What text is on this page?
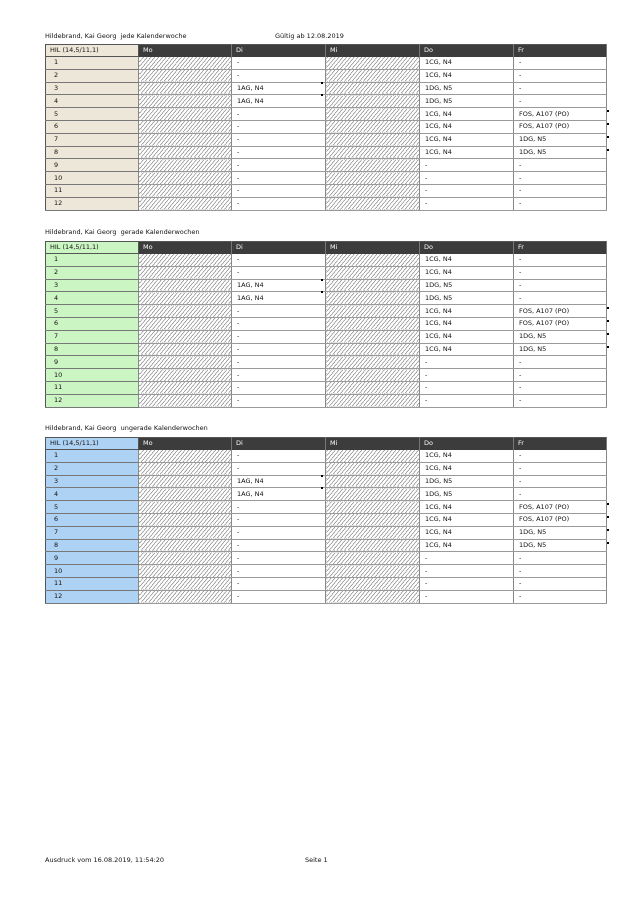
Hildebrand, Kai Georg  jede Kalenderwoche	Gültig ab 12.08.2019
HIL (14,5/11,1)	Mo	Di	Mi	Do	Fr
1		-		1CG, N4	-
2		-		1CG, N4	-
3		1AG, N4		1DG, N5	-
4		1AG, N4		1DG, N5	-
5		-		1CG, N4	FOS, A107 (PO)

6		-		1CG, N4	FOS, A107 (PO)

7		-		1CG, N4	1DG, N5

8		-		1CG, N4	1DG, N5

9		-		-	-
10		-		-	-
11		-		-	-
12		-		-	-
Hildebrand, Kai Georg  gerade Kalenderwochen
HIL (14,5/11,1)	Mo	Di	Mi	Do	Fr
1		-		1CG, N4	-
2		-		1CG, N4	-
3		1AG, N4		1DG, N5	-
4		1AG, N4		1DG, N5	-
5		-		1CG, N4	FOS, A107 (PO)

6		-		1CG, N4	FOS, A107 (PO)

7		-		1CG, N4	1DG, N5

8		-		1CG, N4	1DG, N5

9		-		-	-
10		-		-	-
11		-		-	-
12		-		-	-
Hildebrand, Kai Georg  ungerade Kalenderwochen
HIL (14,5/11,1)	Mo	Di	Mi	Do	Fr
1		-		1CG, N4	-
2		-		1CG, N4	-
3		1AG, N4		1DG, N5	-
4		1AG, N4		1DG, N5	-
5		-		1CG, N4	FOS, A107 (PO)

6		-		1CG, N4	FOS, A107 (PO)

7		-		1CG, N4	1DG, N5

8		-		1CG, N4	1DG, N5

9		-		-	-
10		-		-	-
11		-		-	-
12		-		-	-
Ausdruck vom 16.08.2019, 11:54:20	Seite 1
